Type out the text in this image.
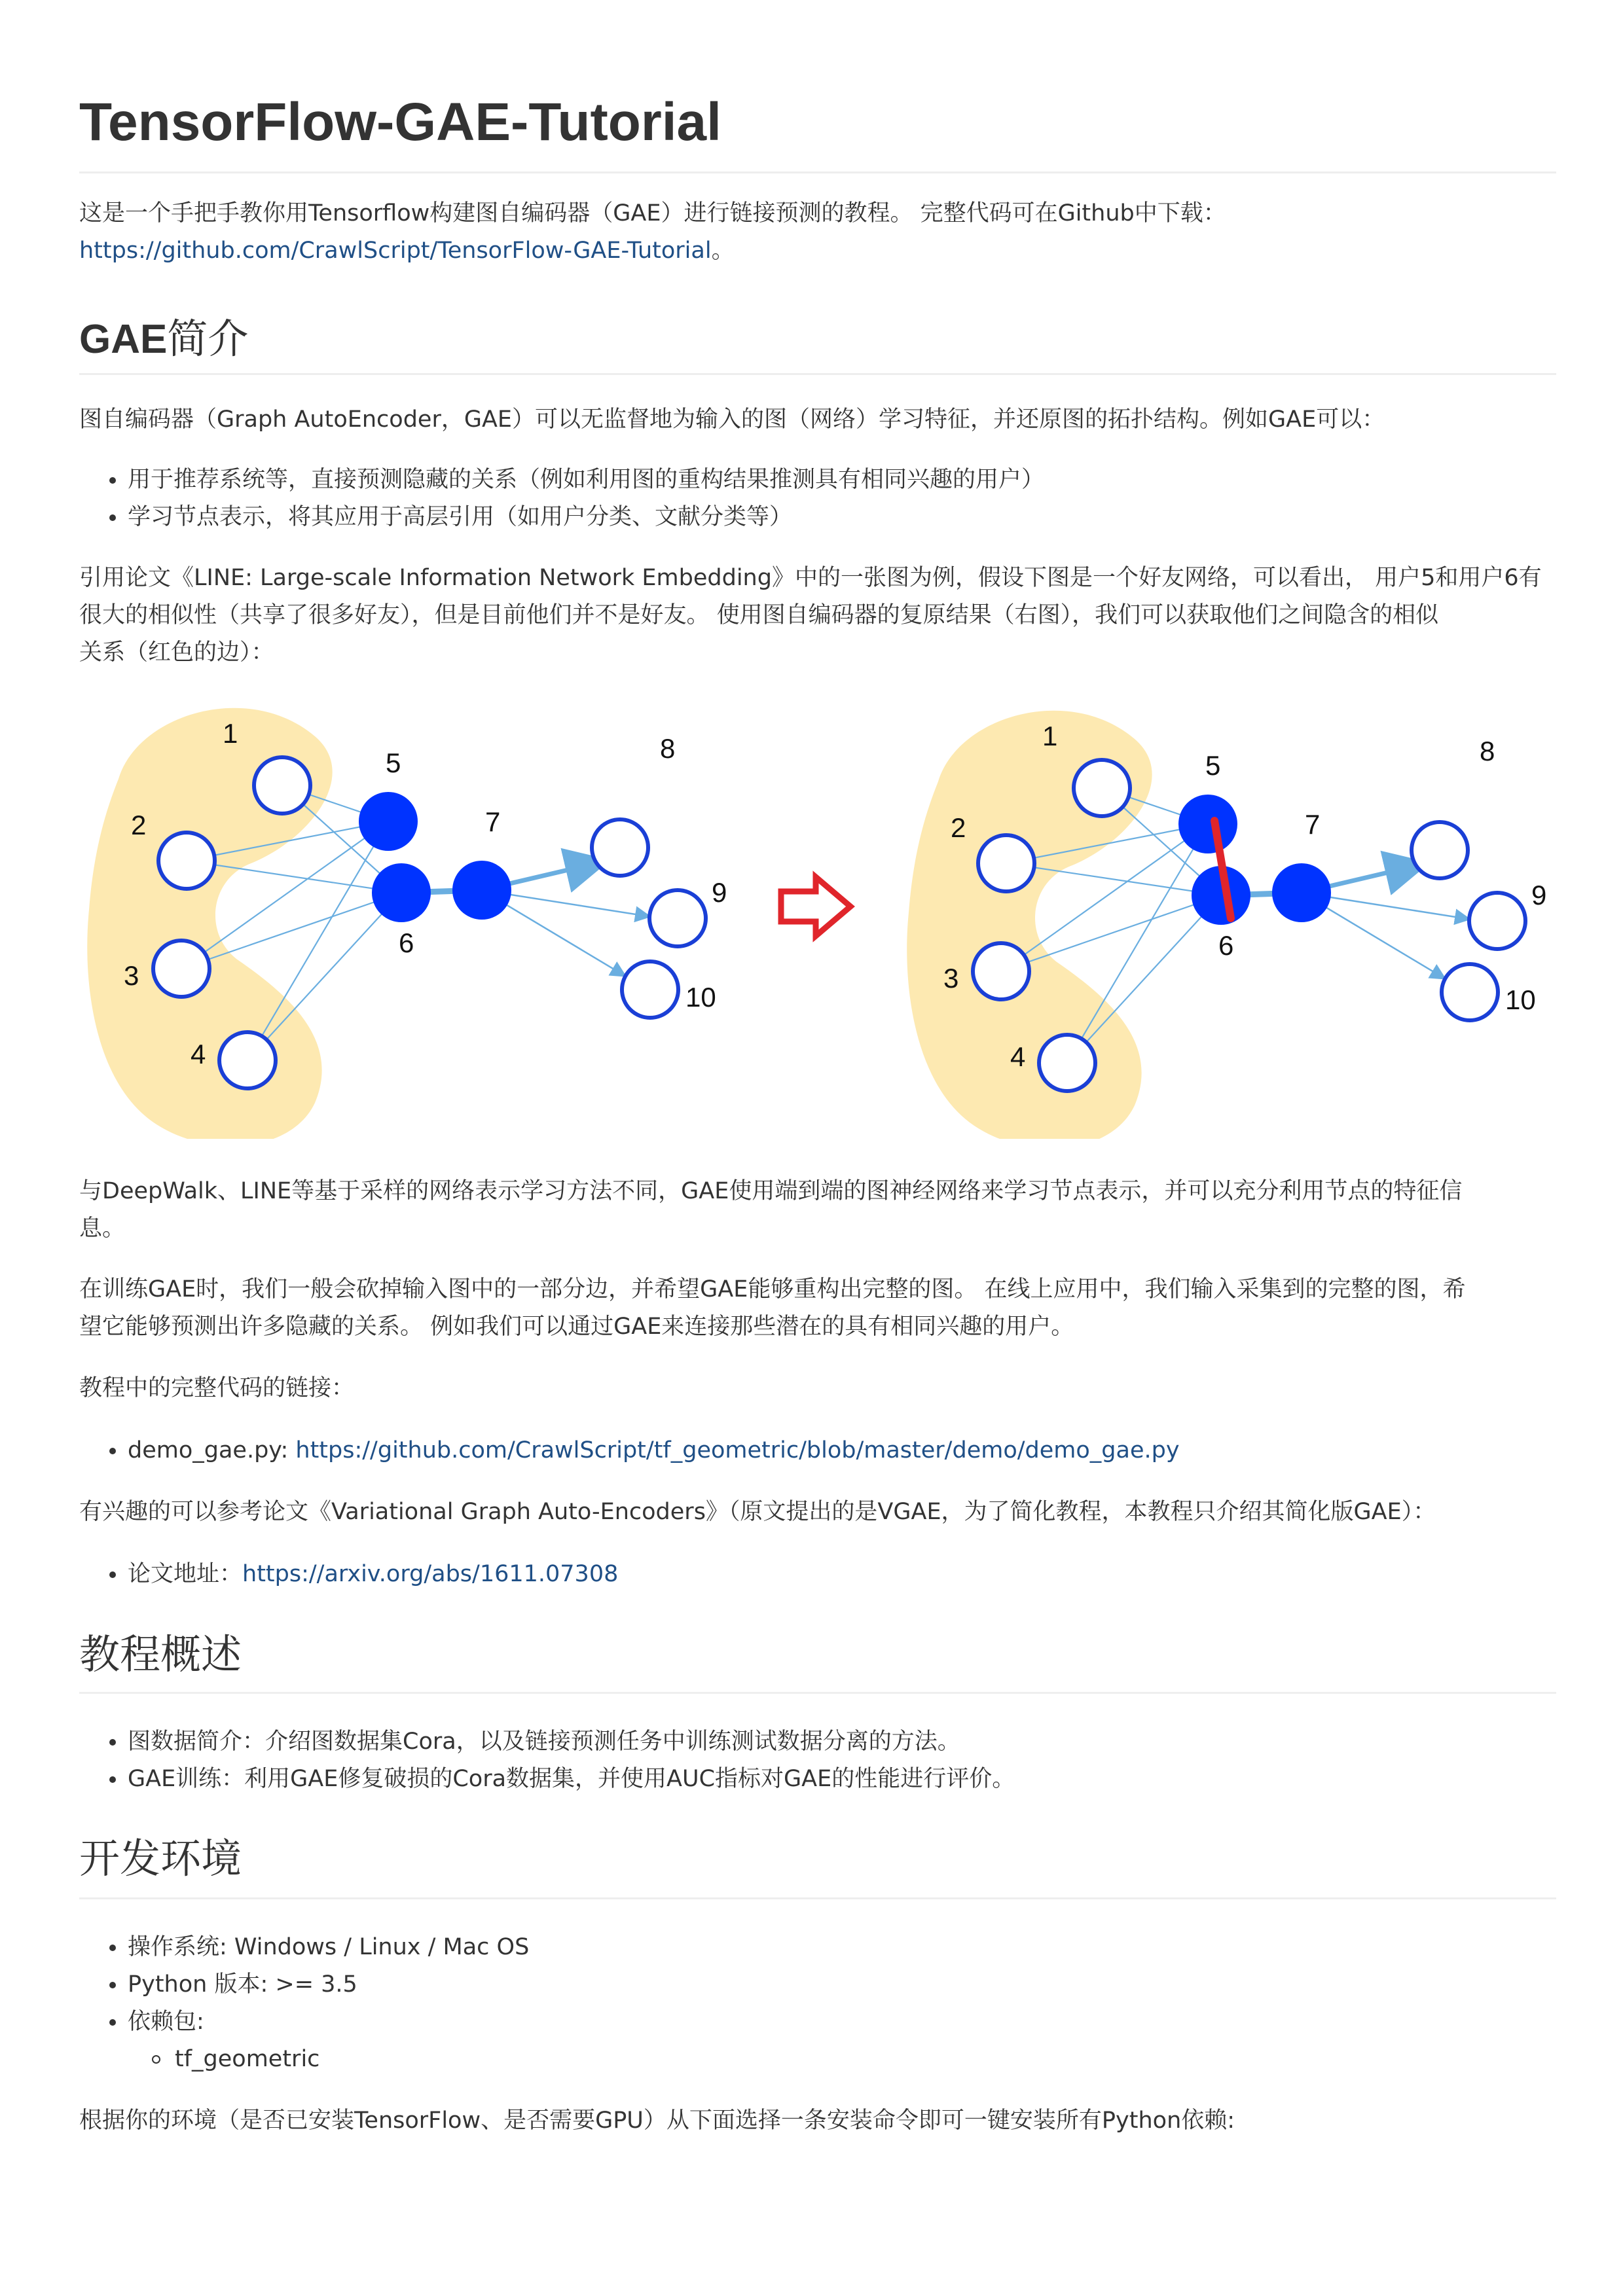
TensorFlow-GAE-Tutorial

这是一个手把手教你用Tensorflow构建图自编码器（GAE）进行链接预测的教程。 完整代码可在Github中下载：
https://github.com/CrawlScript/TensorFlow-GAE-Tutorial。

GAE简介

图自编码器（Graph AutoEncoder，GAE）可以无监督地为输入的图（网络）学习特征，并还原图的拓扑结构。例如GAE可以：

用于推荐系统等，直接预测隐藏的关系（例如利用图的重构结果推测具有相同兴趣的用户）
学习节点表示，将其应用于高层引用（如用户分类、文献分类等）

引用论文《LINE: Large-scale Information Network Embedding》中的一张图为例，假设下图是一个好友网络，可以看出， 用户5和用户6有
很大的相似性（共享了很多好友），但是目前他们并不是好友。 使用图自编码器的复原结果（右图），我们可以获取他们之间隐含的相似
关系（红色的边）：

1
2
3
4
5
6
7
8
9
10
1
2
3
4
5
6
7
8
9
10

与DeepWalk、LINE等基于采样的网络表示学习方法不同，GAE使用端到端的图神经网络来学习节点表示，并可以充分利用节点的特征信
息。

在训练GAE时，我们一般会砍掉输入图中的一部分边，并希望GAE能够重构出完整的图。 在线上应用中，我们输入采集到的完整的图，希
望它能够预测出许多隐藏的关系。 例如我们可以通过GAE来连接那些潜在的具有相同兴趣的用户。

教程中的完整代码的链接：

demo_gae.py: https://github.com/CrawlScript/tf_geometric/blob/master/demo/demo_gae.py

有兴趣的可以参考论文《Variational Graph Auto-Encoders》（原文提出的是VGAE，为了简化教程，本教程只介绍其简化版GAE）：

论文地址：https://arxiv.org/abs/1611.07308
教程概述
图数据简介：介绍图数据集Cora，以及链接预测任务中训练测试数据分离的方法。
GAE训练：利用GAE修复破损的Cora数据集，并使用AUC指标对GAE的性能进行评价。
开发环境
操作系统: Windows / Linux / Mac OS
Python 版本: >= 3.5
依赖包:
tf_geometric

根据你的环境（是否已安装TensorFlow、是否需要GPU）从下面选择一条安装命令即可一键安装所有Python依赖:
